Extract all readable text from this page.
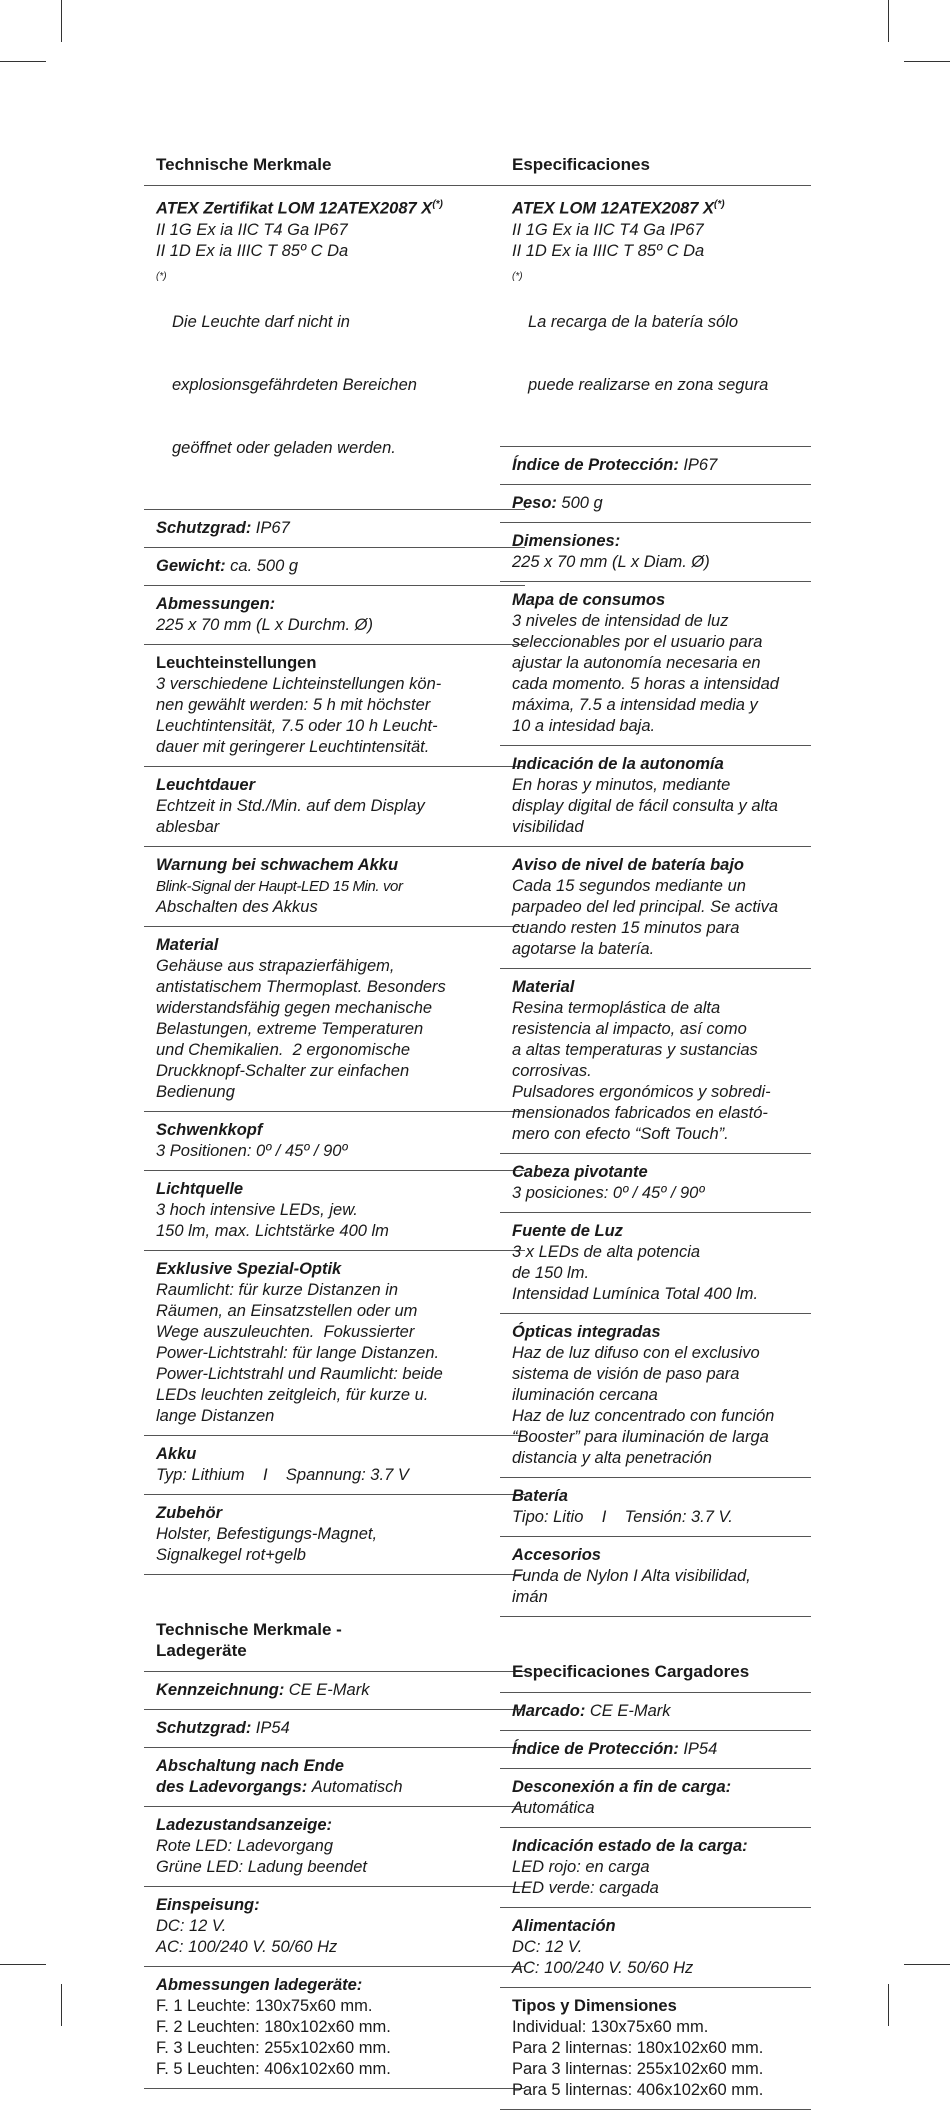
Technische Merkmale
ATEX Zertifikat LOM 12ATEX2087 X(*)
II 1G Ex ia IIC T4 Ga IP67
II 1D Ex ia IIIC T 85º C Da
(*)

Die Leuchte darf nicht in

explosionsgefährdeten Bereichen

geöffnet oder geladen werden.

Schutzgrad: IP67
Gewicht: ca. 500 g
Abmessungen:
225 x 70 mm (L x Durchm. Ø)
Leuchteinstellungen
3 verschiedene Lichteinstellungen kön-
nen gewählt werden: 5 h mit höchster
Leuchtintensität, 7.5 oder 10 h Leucht-
dauer mit geringerer Leuchtintensität.
Leuchtdauer
Echtzeit in Std./Min. auf dem Display
ablesbar
Warnung bei schwachem Akku
Blink-Signal der Haupt-LED 15 Min. vor
Abschalten des Akkus
Material
Gehäuse aus strapazierfähigem,
antistatischem Thermoplast. Besonders
widerstandsfähig gegen mechanische
Belastungen, extreme Temperaturen
und Chemikalien.  2 ergonomische
Druckknopf-Schalter zur einfachen
Bedienung
Schwenkkopf
3 Positionen: 0º / 45º / 90º
Lichtquelle
3 hoch intensive LEDs, jew.
150 lm, max. Lichtstärke 400 lm
Exklusive Spezial-Optik
Raumlicht: für kurze Distanzen in
Räumen, an Einsatzstellen oder um
Wege auszuleuchten.  Fokussierter
Power-Lichtstrahl: für lange Distanzen.
Power-Lichtstrahl und Raumlicht: beide
LEDs leuchten zeitgleich, für kurze u.
lange Distanzen
Akku
Typ: Lithium    I    Spannung: 3.7 V
Zubehör
Holster, Befestigungs-Magnet,
Signalkegel rot+gelb
Technische Merkmale -
Ladegeräte
Kennzeichnung: CE E-Mark
Schutzgrad: IP54
Abschaltung nach Ende
des Ladevorgangs: Automatisch
Ladezustandsanzeige:
Rote LED: Ladevorgang
Grüne LED: Ladung beendet
Einspeisung:
DC: 12 V.
AC: 100/240 V. 50/60 Hz
Abmessungen ladegeräte:
F. 1 Leuchte: 130x75x60 mm.
F. 2 Leuchten: 180x102x60 mm.
F. 3 Leuchten: 255x102x60 mm.
F. 5 Leuchten: 406x102x60 mm.
Especificaciones
ATEX LOM 12ATEX2087 X(*)
II 1G Ex ia IIC T4 Ga IP67
II 1D Ex ia IIIC T 85º C Da
(*)

La recarga de la batería sólo

puede realizarse en zona segura

Índice de Protección: IP67
Peso: 500 g
Dimensiones:
225 x 70 mm (L x Diam. Ø)
Mapa de consumos
3 niveles de intensidad de luz
seleccionables por el usuario para
ajustar la autonomía necesaria en
cada momento. 5 horas a intensidad
máxima, 7.5 a intensidad media y
10 a intesidad baja.
Indicación de la autonomía
En horas y minutos, mediante
display digital de fácil consulta y alta
visibilidad
Aviso de nivel de batería bajo
Cada 15 segundos mediante un
parpadeo del led principal. Se activa
cuando resten 15 minutos para
agotarse la batería.
Material
Resina termoplástica de alta
resistencia al impacto, así como
a altas temperaturas y sustancias
corrosivas.
Pulsadores ergonómicos y sobredi-
mensionados fabricados en elastó-
mero con efecto “Soft Touch”.
Cabeza pivotante
3 posiciones: 0º / 45º / 90º
Fuente de Luz
3 x LEDs de alta potencia
de 150 lm.
Intensidad Lumínica Total 400 lm.
Ópticas integradas
Haz de luz difuso con el exclusivo
sistema de visión de paso para
iluminación cercana
Haz de luz concentrado con función
“Booster” para iluminación de larga
distancia y alta penetración
Batería
Tipo: Litio    I    Tensión: 3.7 V.
Accesorios
Funda de Nylon I Alta visibilidad,
imán
Especificaciones Cargadores
Marcado: CE E-Mark
Índice de Protección: IP54
Desconexión a fin de carga:
Automática
Indicación estado de la carga:
LED rojo: en carga
LED verde: cargada
Alimentación
DC: 12 V.
AC: 100/240 V. 50/60 Hz
Tipos y Dimensiones
Individual: 130x75x60 mm.
Para 2 linternas: 180x102x60 mm.
Para 3 linternas: 255x102x60 mm.
Para 5 linternas: 406x102x60 mm.
